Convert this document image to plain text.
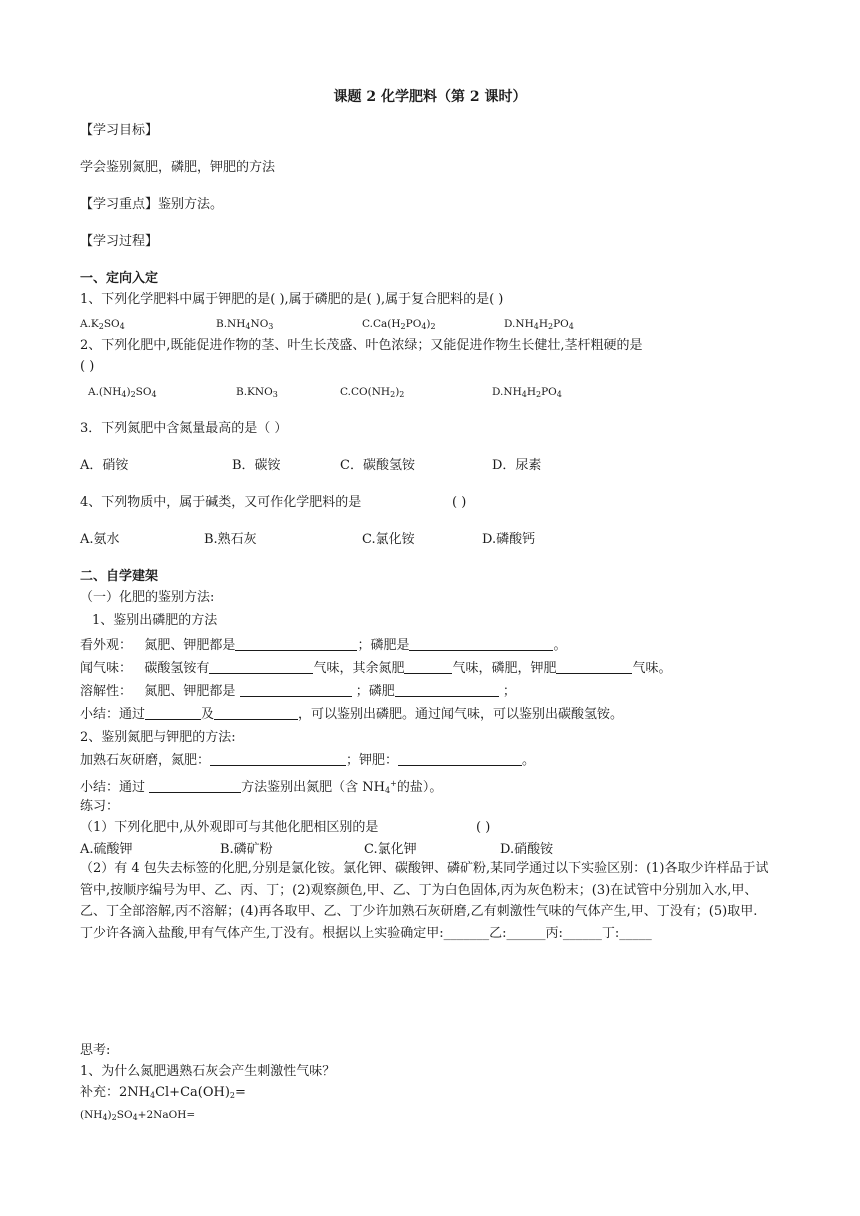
课题 2 化学肥料（第 2 课时）
【学习目标】
学会鉴别氮肥，磷肥，钾肥的方法
【学习重点】鉴别方法。
【学习过程】
一、定向入定
1、下列化学肥料中属于钾肥的是( ),属于磷肥的是( ),属于复合肥料的是( )
$A.K_2SO_4$	$B.NH_4NO_3$	$C.Ca(H_2PO_4)_2$	$D.NH_4H_2PO_4$
2、下列化肥中,既能促进作物的茎、叶生长茂盛、叶色浓绿；又能促进作物生长健壮,茎杆粗硬的是
( )
$A.(NH_4)_2SO_4$	$B.KNO_3$	$C.CO(NH_2)_2$	$D.NH_4H_2PO_4$
3．下列氮肥中含氮量最高的是（ ）
A．硝铵	B．碳铵	C．碳酸氢铵	D．尿素
4、下列物质中，属于碱类，又可作化学肥料的是	( )
A.氨水	B.熟石灰	C.氯化铵	D.磷酸钙
二、自学建架
（一）化肥的鉴别方法:
1、鉴别出磷肥的方法
看外观： 氮肥、钾肥都是	；磷肥是	。
闻气味： 碳酸氢铵有	气味，其余氮肥	气味，磷肥，钾肥	气味。
溶解性： 氮肥、钾肥都是	；磷肥	；
小结：通过	及	，可以鉴别出磷肥。通过闻气味，可以鉴别出碳酸氢铵。
2、鉴别氮肥与钾肥的方法:
加熟石灰研磨，氮肥：	；钾肥：	。
小结：通过	方法鉴别出氮肥（含 $NH_4^+$的盐）。
练习：
（1）下列化肥中,从外观即可与其他化肥相区别的是	( )
A.硫酸钾	B.磷矿粉	C.氯化钾	D.硝酸铵
（2）有 4 包失去标签的化肥,分别是氯化铵。氯化钾、碳酸钾、磷矿粉,某同学通过以下实验区别：(1)各取少许样品于试管中,按顺序编号为甲、乙、丙、丁；(2)观察颜色,甲、乙、丁为白色固体,丙为灰色粉末；(3)在试管中分别加入水,甲、乙、丁全部溶解,丙不溶解；(4)再各取甲、乙、丁少许加熟石灰研磨,乙有刺激性气味的气体产生,甲、丁没有；(5)取甲.丁少许各滴入盐酸,甲有气体产生,丁没有。根据以上实验确定甲:_______乙:______丙:______丁:_____
思考:
1、为什么氮肥遇熟石灰会产生刺激性气味？
补充：$2NH_4Cl+Ca(OH)_2=$
$(NH_4)_2SO_4+2NaOH=$
